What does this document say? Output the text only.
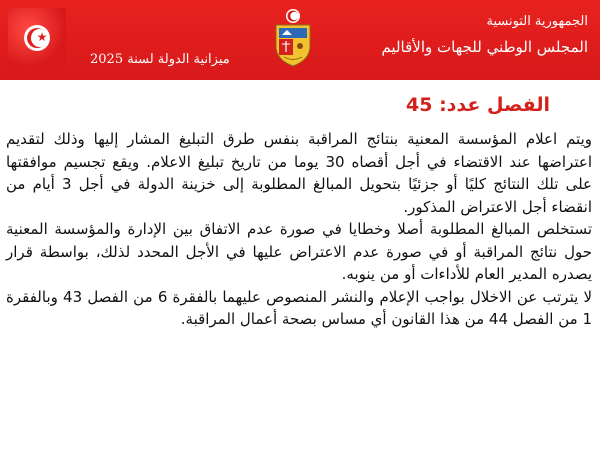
★
الجمهورية التونسية
المجلس الوطني للجهات والأقاليم
ميزانية الدولة لسنة 2025
الفصل عدد: 45

ويتم اعلام المؤسسة المعنية بنتائج المراقبة بنفس طرق التبليغ المشار إليها وذلك لتقديم اعتراضها عند الاقتضاء في أجل أقصاه 30 يوما من تاريخ تبليغ الاعلام. ويقع تجسيم موافقتها على تلك النتائج كليًا أو جزئيًا بتحويل المبالغ المطلوبة إلى خزينة الدولة في أجل 3 أيام من انقضاء أجل الاعتراض المذكور.

تستخلص المبالغ المطلوبة أصلا وخطايا في صورة عدم الاتفاق بين الإدارة والمؤسسة المعنية حول نتائج المراقبة أو في صورة عدم الاعتراض عليها في الأجل المحدد لذلك، بواسطة قرار يصدره المدير العام للأداءات أو من ينوبه.

لا يترتب عن الاخلال بواجب الإعلام والنشر المنصوص عليهما بالفقرة 6 من الفصل 43 وبالفقرة 1 من الفصل 44 من هذا القانون أي مساس بصحة أعمال المراقبة.
